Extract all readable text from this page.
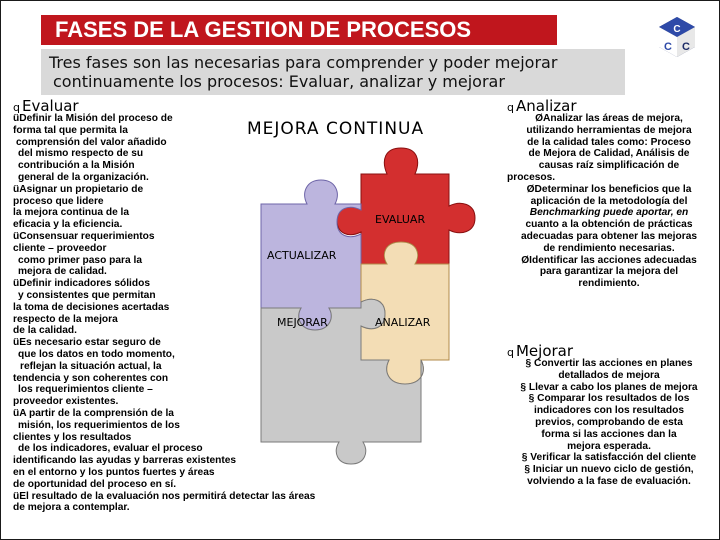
FASES DE LA GESTION DE PROCESOS	C
C
C
Tres fases son las necesarias para comprender y poder mejorar
continuamente los procesos: Evaluar, analizar y mejorar
q Evaluar	q Analizar
üDefinir la Misión del proceso de
forma tal que permita la
comprensión del valor añadido
del mismo respecto de su
contribución a la Misión
general de la organización.
üAsignar un propietario de
proceso que lidere
la mejora continua de la
eficacia y la eficiencia.
üConsensuar requerimientos
cliente – proveedor
como primer paso para la
mejora de calidad.
üDefinir indicadores sólidos
y consistentes que permitan
la toma de decisiones acertadas
respecto de la mejora
de la calidad.
üEs necesario estar seguro de
que los datos en todo momento,
reflejan la situación actual, la
tendencia y son coherentes con
los requerimientos cliente –
proveedor existentes.
üA partir de la comprensión de la
misión, los requerimientos de los
clientes y los resultados
de los indicadores, evaluar el proceso
identificando las ayudas y barreras existentes
en el entorno y los puntos fuertes y áreas
de oportunidad del proceso en sí.
üEl resultado de la evaluación nos permitirá detectar las áreas
de mejora a contemplar.
MEJORA CONTINUA
EVALUAR
ACTUALIZAR
MEJORAR	ANALIZAR
ØAnalizar las áreas de mejora,
utilizando herramientas de mejora
de la calidad tales como: Proceso
de Mejora de Calidad, Análisis de
causas raíz simplificación de
procesos.
ØDeterminar los beneficios que la
aplicación de la metodología del
Benchmarking puede aportar, en
cuanto a la obtención de prácticas
adecuadas para obtener las mejoras
de rendimiento necesarias.
ØIdentificar las acciones adecuadas
para garantizar la mejora del
rendimiento.
q Mejorar
§ Convertir las acciones en planes
detallados de mejora
§ Llevar a cabo los planes de mejora
§ Comparar los resultados de los
indicadores con los resultados
previos, comprobando de esta
forma si las acciones dan la
mejora esperada.
§ Verificar la satisfacción del cliente
§ Iniciar un nuevo ciclo de gestión,
volviendo a la fase de evaluación.
